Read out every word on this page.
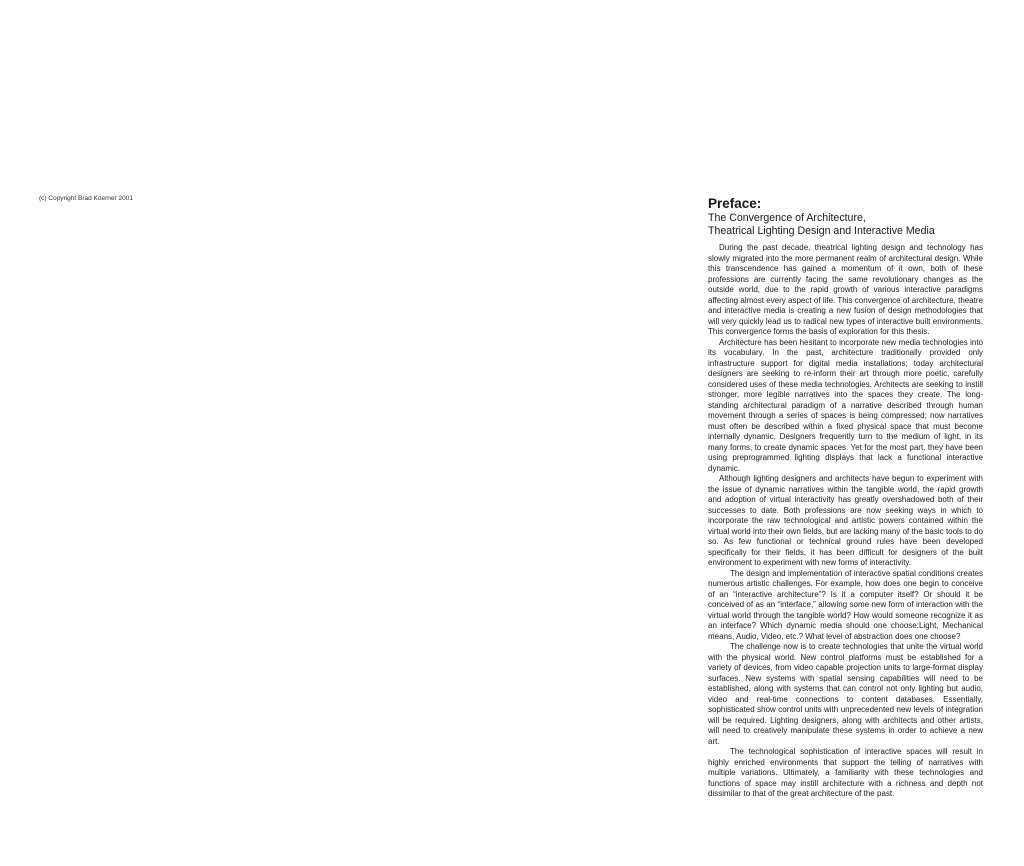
(c) Copyright Brad Koerner 2001	Preface:
The Convergence of Architecture,
Theatrical Lighting Design and Interactive Media

During the past decade, theatrical lighting design and technology has slowly migrated into the more permanent realm of architectural design. While this transcendence has gained a momentum of it own, both of these professions are currently facing the same revolutionary changes as the outside world, due to the rapid growth of various interactive paradigms affecting almost every aspect of life. This convergence of architecture, theatre and interactive media is creating a new fusion of design methodologies that will very quickly lead us to radical new types of interactive built environments. This convergence forms the basis of exploration for this thesis.

Architecture has been hesitant to incorporate new media technologies into its vocabulary. In the past, architecture traditionally provided only infrastructure support for digital media installations; today architectural designers are seeking to re-inform their art through more poetic, carefully considered uses of these media technologies. Architects are seeking to instill stronger, more legible narratives into the spaces they create. The long-standing architectural paradigm of a narrative described through human movement through a series of spaces is being compressed; now narratives must often be described within a fixed physical space that must become internally dynamic. Designers frequently turn to the medium of light, in its many forms, to create dynamic spaces. Yet for the most part, they have been using preprogrammed lighting displays that lack a functional interactive dynamic.

Although lighting designers and architects have begun to experiment with the issue of dynamic narratives within the tangible world, the rapid growth and adoption of virtual interactivity has greatly overshadowed both of their successes to date. Both professions are now seeking ways in which to incorporate the raw technological and artistic powers contained within the virtual world into their own fields, but are lacking many of the basic tools to do so. As few functional or technical ground rules have been developed specifically for their fields, it has been difficult for designers of the built environment to experiment with new forms of interactivity.

The design and implementation of interactive spatial conditions creates numerous artistic challenges. For example, how does one begin to conceive of an “interactive architecture”? Is it a computer itself? Or should it be conceived of as an “interface,” allowing some new form of interaction with the virtual world through the tangible world? How would someone recognize it as an interface? Which dynamic media should one choose:Light, Mechanical means, Audio, Video, etc.? What level of abstraction does one choose?

The challenge now is to create technologies that unite the virtual world with the physical world. New control platforms must be established for a variety of devices, from video capable projection units to large-format display surfaces. New systems with spatial sensing capabilities will need to be established, along with systems that can control not only lighting but audio, video and real-time connections to content databases. Essentially, sophisticated show control units with unprecedented new levels of integration will be required. Lighting designers, along with architects and other artists, will need to creatively manipulate these systems in order to achieve a new art.

The technological sophistication of interactive spaces will result in highly enriched environments that support the telling of narratives with multiple variations. Ultimately, a familiarity with these technologies and functions of space may instill architecture with a richness and depth not dissimilar to that of the great architecture of the past.
